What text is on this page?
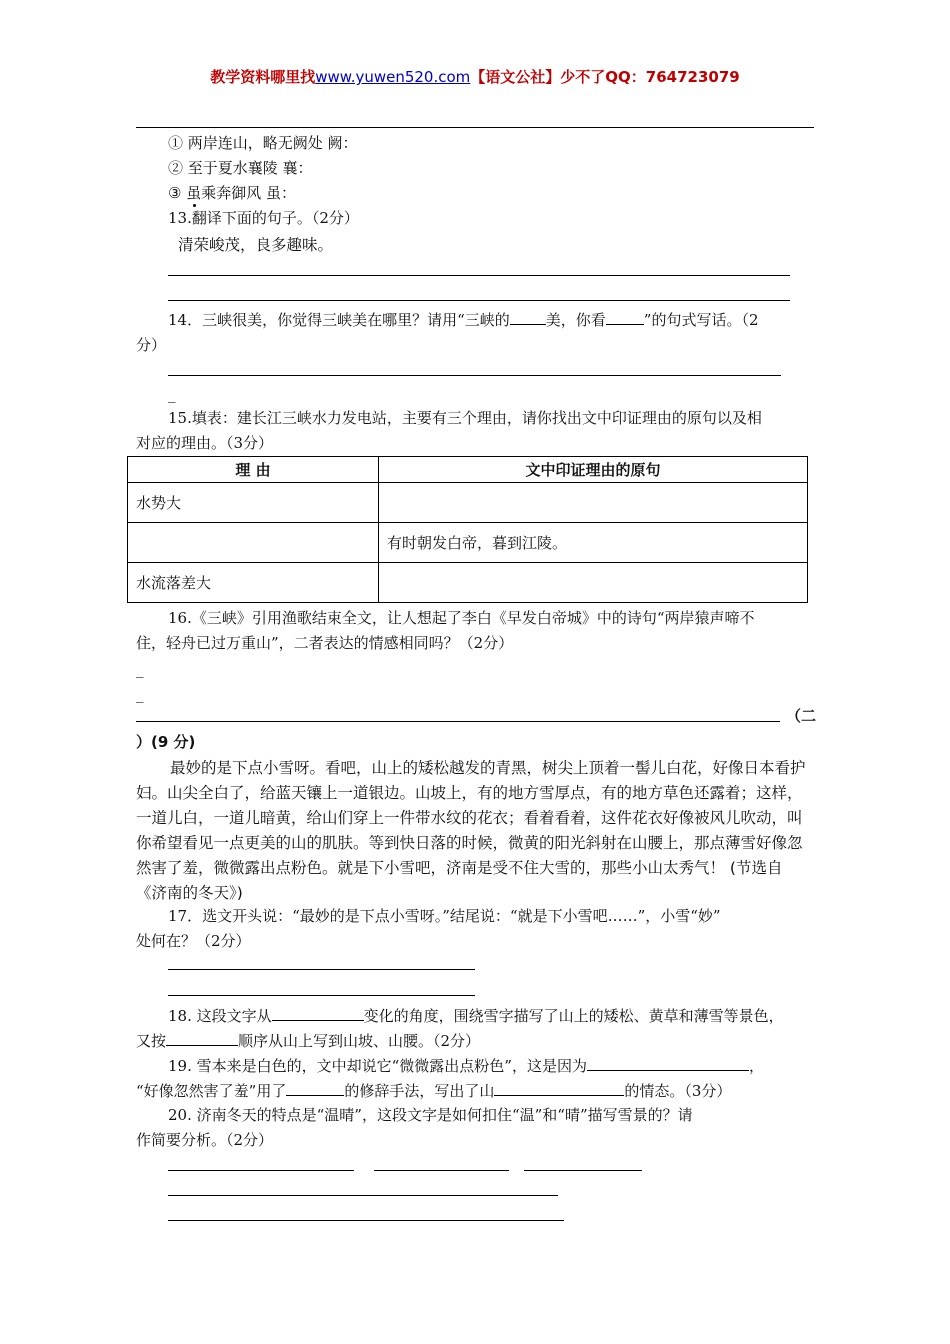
教学资料哪里找www.yuwen520.com【语文公社】少不了QQ：764723079
① 两岸连山，略无阙处 阙：
② 至于夏水襄陵 襄：
③ 虽乘奔御风 虽：
13.翻译下面的句子。（2分）
清荣峻茂，良多趣味。
14．三峡很美，你觉得三峡美在哪里？请用“三峡的 美，你看	”的句式写话。（2
分）
_
15.填表：建长江三峡水力发电站，主要有三个理由，请你找出文中印证理由的原句以及相
对应的理由。（3分）
理 由	文中印证理由的原句
水势大	
	有时朝发白帝，暮到江陵。
水流落差大	
16.《三峡》引用渔歌结束全文，让人想起了李白《早发白帝城》中的诗句“两岸猿声啼不
住，轻舟已过万重山”，二者表达的情感相同吗？（2分）
_
_
（二
）(9 分)
最妙的是下点小雪呀。看吧，山上的矮松越发的青黑，树尖上顶着一髻儿白花，好像日本看护妇。山尖全白了，给蓝天镶上一道银边。山坡上，有的地方雪厚点，有的地方草色还露着；这样，一道儿白，一道儿暗黄，给山们穿上一件带水纹的花衣；看着看着，这件花衣好像被风儿吹动，叫你希望看见一点更美的山的肌肤。等到快日落的时候，微黄的阳光斜射在山腰上，那点薄雪好像忽然害了羞，微微露出点粉色。就是下小雪吧，济南是受不住大雪的，那些小山太秀气！ (节选自《济南的冬天》)
17．选文开头说：“最妙的是下点小雪呀。”结尾说：“就是下小雪吧……”，小雪“妙”
处何在？（2分）
18. 这段文字从	变化的角度，围绕雪字描写了山上的矮松、黄草和薄雪等景色，
又按	顺序从山上写到山坡、山腰。（2分）
19. 雪本来是白色的，文中却说它“微微露出点粉色”，这是因为	，
“好像忽然害了羞”用了	的修辞手法，写出了山	的情态。（3分）
20. 济南冬天的特点是“温晴”，这段文字是如何扣住“温”和“晴”描写雪景的？请
作简要分析。（2分）
